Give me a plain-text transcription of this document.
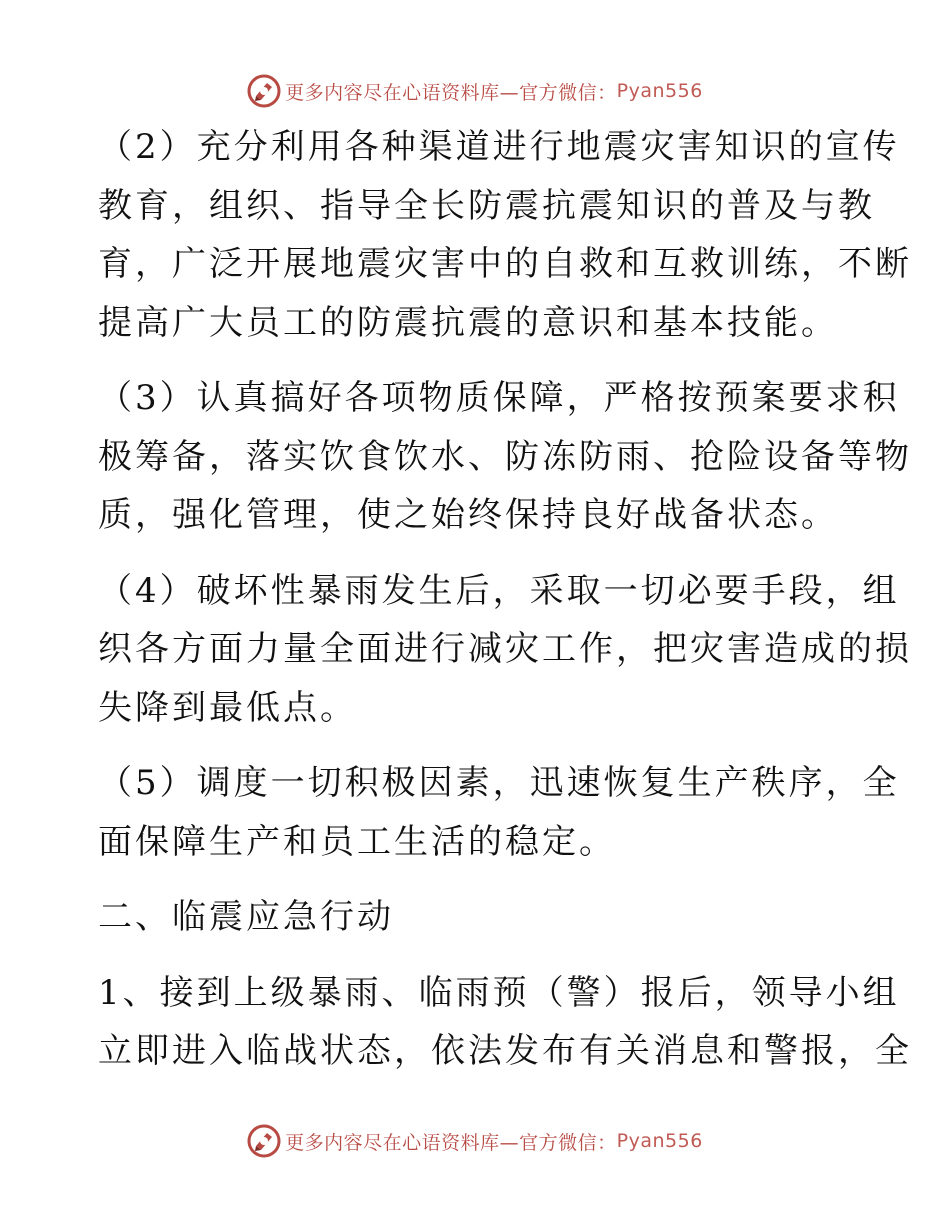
更多内容尽在心语资料库—官方微信： Pyan556
（2）充分利用各种渠道进行地震灾害知识的宣传
教育，组织、指导全长防震抗震知识的普及与教
育，广泛开展地震灾害中的自救和互救训练，不断
提高广大员工的防震抗震的意识和基本技能。
（3）认真搞好各项物质保障，严格按预案要求积
极筹备，落实饮食饮水、防冻防雨、抢险设备等物
质，强化管理，使之始终保持良好战备状态。
（4）破坏性暴雨发生后，采取一切必要手段，组
织各方面力量全面进行减灾工作，把灾害造成的损
失降到最低点。
（5）调度一切积极因素，迅速恢复生产秩序，全
面保障生产和员工生活的稳定。
二、临震应急行动
1、接到上级暴雨、临雨预（警）报后，领导小组
立即进入临战状态，依法发布有关消息和警报，全
更多内容尽在心语资料库—官方微信： Pyan556
